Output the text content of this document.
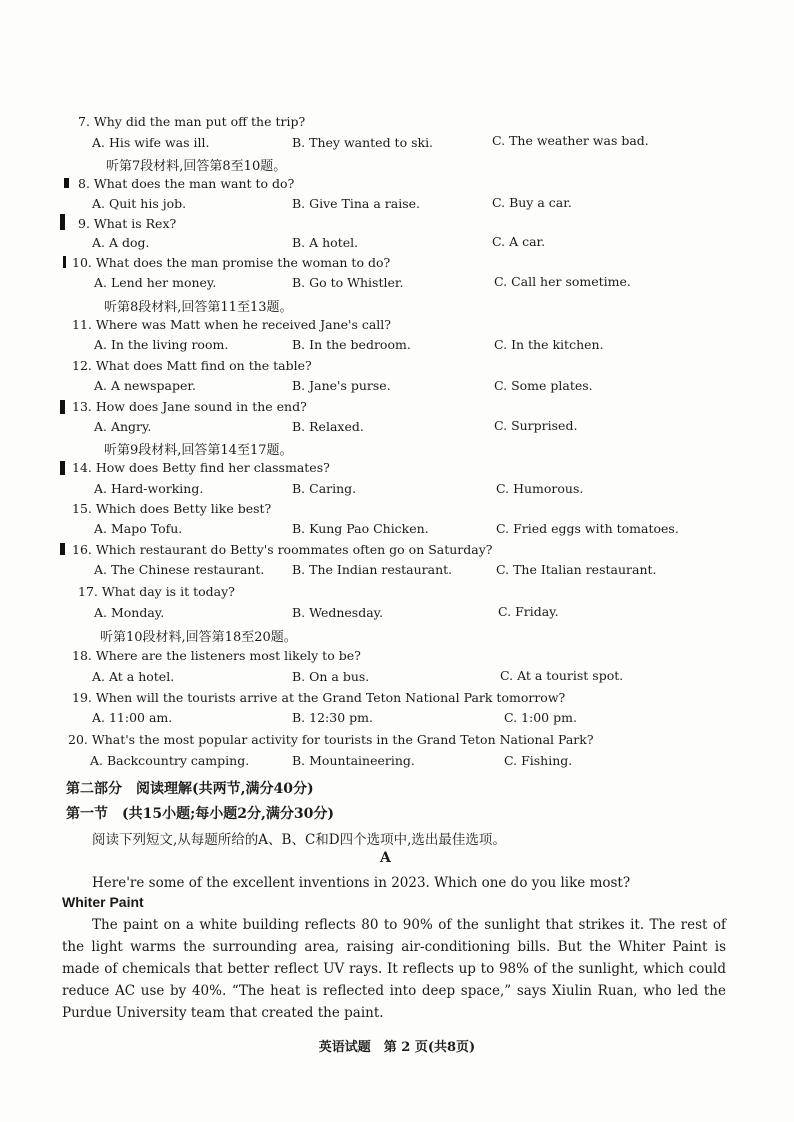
7. Why did the man put off the trip?
A. His wife was ill.	B. They wanted to ski.	C. The weather was bad.
听第7段材料,回答第8至10题。
8. What does the man want to do?
A. Quit his job.	B. Give Tina a raise.	C. Buy a car.
9. What is Rex?
A. A dog.	B. A hotel.	C. A car.
10. What does the man promise the woman to do?
A. Lend her money.	B. Go to Whistler.	C. Call her sometime.
听第8段材料,回答第11至13题。
11. Where was Matt when he received Jane's call?
A. In the living room.	B. In the bedroom.	C. In the kitchen.
12. What does Matt find on the table?
A. A newspaper.	B. Jane's purse.	C. Some plates.
13. How does Jane sound in the end?
A. Angry.	B. Relaxed.	C. Surprised.
听第9段材料,回答第14至17题。
14. How does Betty find her classmates?
A. Hard-working.	B. Caring.	C. Humorous.
15. Which does Betty like best?
A. Mapo Tofu.	B. Kung Pao Chicken.	C. Fried eggs with tomatoes.
16. Which restaurant do Betty's roommates often go on Saturday?
A. The Chinese restaurant. B. The Indian restaurant.	C. The Italian restaurant.
17. What day is it today?
A. Monday.	B. Wednesday.	C. Friday.
听第10段材料,回答第18至20题。
18. Where are the listeners most likely to be?
A. At a hotel.	B. On a bus.	C. At a tourist spot.
19. When will the tourists arrive at the Grand Teton National Park tomorrow?
A. 11:00 am.	B. 12:30 pm.	C. 1:00 pm.
20. What's the most popular activity for tourists in the Grand Teton National Park?
A. Backcountry camping.	B. Mountaineering.	C. Fishing.
第二部分　阅读理解(共两节,满分40分)
第一节　(共15小题;每小题2分,满分30分)
阅读下列短文,从每题所给的A、B、C和D四个选项中,选出最佳选项。
A
Here're some of the excellent inventions in 2023. Which one do you like most?
Whiter Paint
The paint on a white building reflects 80 to 90% of the sunlight that strikes it. The rest of the light warms the surrounding area, raising air-conditioning bills. But the Whiter Paint is made of chemicals that better reflect UV rays. It reflects up to 98% of the sunlight, which could reduce AC use by 40%. “The heat is reflected into deep space,” says Xiulin Ruan, who led the Purdue University team that created the paint.
英语试题　第 2 页(共8页)
